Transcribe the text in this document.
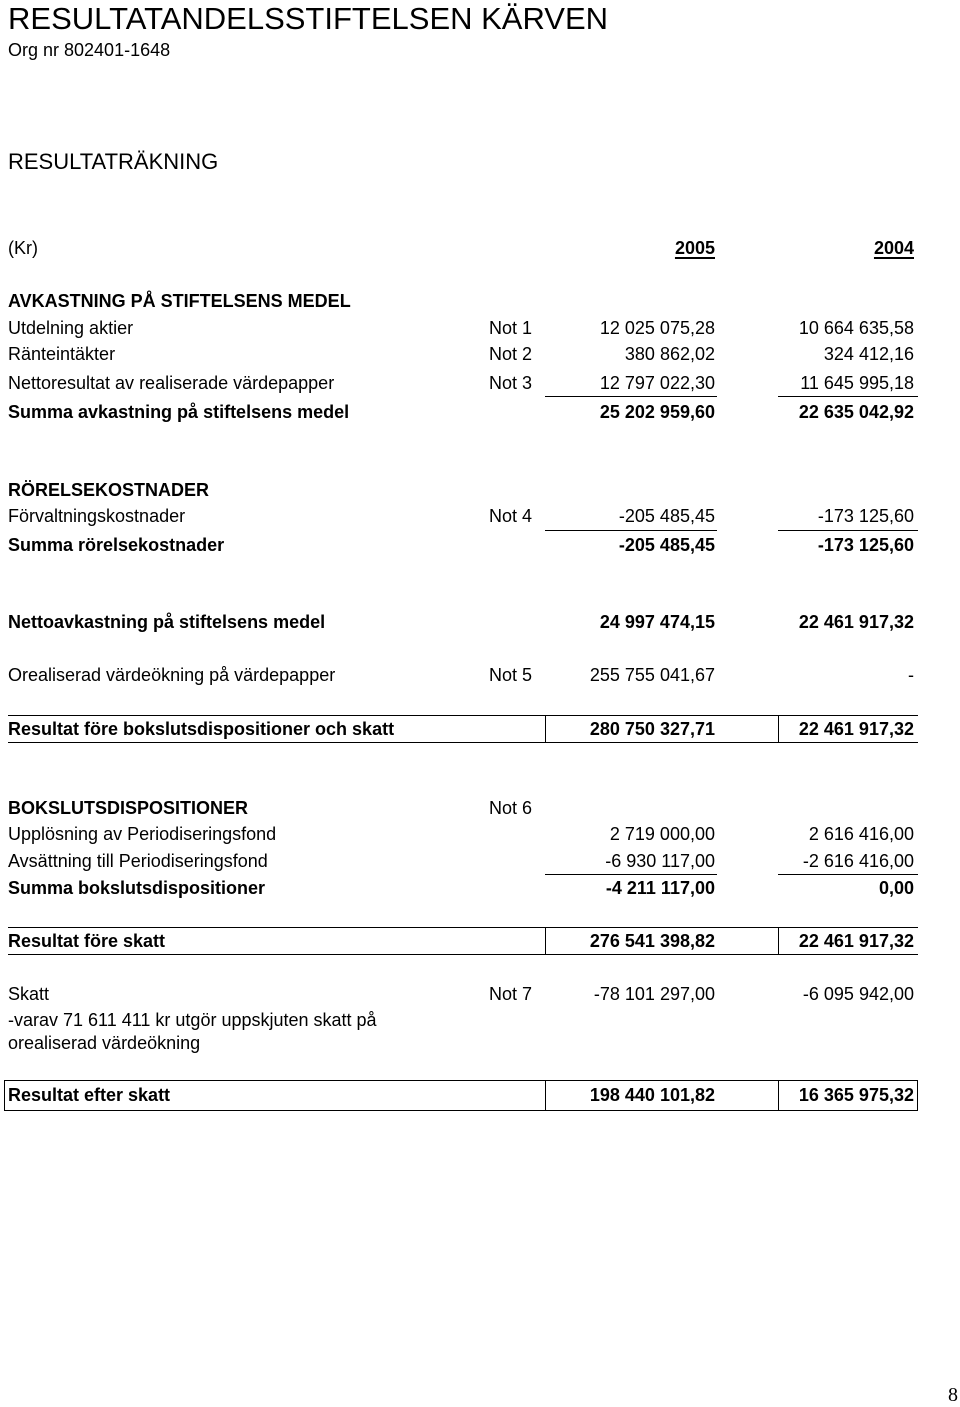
RESULTATANDELSSTIFTELSEN KÄRVEN
Org nr 802401-1648
RESULTATRÄKNING
(Kr)	2005	2004
AVKASTNING PÅ STIFTELSENS MEDEL
Utdelning aktier	Not 1	12 025 075,28	10 664 635,58
Ränteintäkter	Not 2	380 862,02	324 412,16
Nettoresultat av realiserade värdepapper	Not 3	12 797 022,30	11 645 995,18
Summa avkastning på stiftelsens medel	25 202 959,60	22 635 042,92
RÖRELSEKOSTNADER
Förvaltningskostnader	Not 4	-205 485,45	-173 125,60
Summa rörelsekostnader	-205 485,45	-173 125,60
Nettoavkastning på stiftelsens medel	24 997 474,15	22 461 917,32
Orealiserad värdeökning på värdepapper	Not 5	255 755 041,67	-
Resultat före bokslutsdispositioner och skatt	280 750 327,71	22 461 917,32
BOKSLUTSDISPOSITIONER	Not 6
Upplösning av Periodiseringsfond	2 719 000,00	2 616 416,00
Avsättning till Periodiseringsfond	-6 930 117,00	-2 616 416,00
Summa bokslutsdispositioner	-4 211 117,00	0,00
Resultat före skatt	276 541 398,82	22 461 917,32
Skatt	Not 7	-78 101 297,00	-6 095 942,00
-varav 71 611 411 kr utgör uppskjuten skatt på
orealiserad värdeökning
Resultat efter skatt	198 440 101,82	16 365 975,32
8
